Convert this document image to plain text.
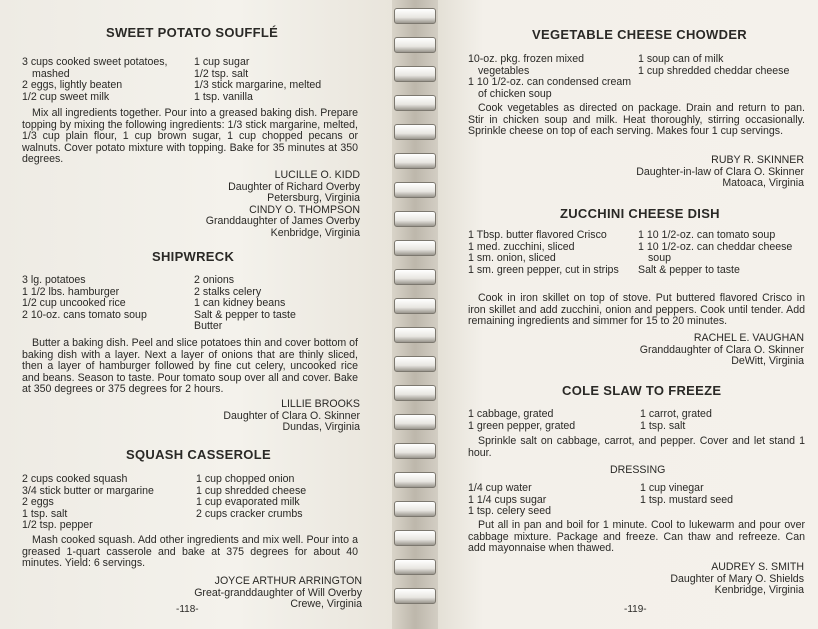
SWEET POTATO SOUFFLÉ
3 cups cooked sweet potatoes, mashed
2 eggs, lightly beaten
1/2 cup sweet milk
1 cup sugar
1/2 tsp. salt
1/3 stick margarine, melted
1 tsp. vanilla
Mix all ingredients together. Pour into a greased baking dish. Prepare topping by mixing the following ingredients: 1/3 stick margarine, melted, 1/3 cup plain flour, 1 cup brown sugar, 1 cup chopped pecans or walnuts. Cover potato mixture with topping. Bake for 35 minutes at 350 degrees.
LUCILLE O. KIDD
Daughter of Richard Overby
Petersburg, Virginia
CINDY O. THOMPSON
Granddaughter of James Overby
Kenbridge, Virginia
SHIPWRECK
3 lg. potatoes
1 1/2 lbs. hamburger
1/2 cup uncooked rice
2 10-oz. cans tomato soup
2 onions
2 stalks celery
1 can kidney beans
Salt & pepper to taste
Butter
Butter a baking dish. Peel and slice potatoes thin and cover bottom of baking dish with a layer. Next a layer of onions that are thinly sliced, then a layer of hamburger followed by fine cut celery, uncooked rice and beans. Season to taste. Pour tomato soup over all and cover. Bake at 350 degrees or 375 degrees for 2 hours.
LILLIE BROOKS
Daughter of Clara O. Skinner
Dundas, Virginia
SQUASH CASSEROLE
2 cups cooked squash
3/4 stick butter or margarine
2 eggs
1 tsp. salt
1/2 tsp. pepper
1 cup chopped onion
1 cup shredded cheese
1 cup evaporated milk
2 cups cracker crumbs
Mash cooked squash. Add other ingredients and mix well. Pour into a greased 1-quart casserole and bake at 375 degrees for about 40 minutes. Yield: 6 servings.
JOYCE ARTHUR ARRINGTON
Great-granddaughter of Will Overby
Crewe, Virginia
-118-
VEGETABLE CHEESE CHOWDER
10-oz. pkg. frozen mixed vegetables
1 10 1/2-oz. can condensed cream of chicken soup
1 soup can of milk
1 cup shredded cheddar cheese
Cook vegetables as directed on package. Drain and return to pan. Stir in chicken soup and milk. Heat thoroughly, stirring occasionally. Sprinkle cheese on top of each serving. Makes four 1 cup servings.
RUBY R. SKINNER
Daughter-in-law of Clara O. Skinner
Matoaca, Virginia
ZUCCHINI CHEESE DISH
1 Tbsp. butter flavored Crisco
1 med. zucchini, sliced
1 sm. onion, sliced
1 sm. green pepper, cut in strips
1 10 1/2-oz. can tomato soup
1 10 1/2-oz. can cheddar cheese soup
Salt & pepper to taste
Cook in iron skillet on top of stove. Put buttered flavored Crisco in iron skillet and add zucchini, onion and peppers. Cook until tender. Add remaining ingredients and simmer for 15 to 20 minutes.
RACHEL E. VAUGHAN
Granddaughter of Clara O. Skinner
DeWitt, Virginia
COLE SLAW TO FREEZE
1 cabbage, grated
1 green pepper, grated
1 carrot, grated
1 tsp. salt
Sprinkle salt on cabbage, carrot, and pepper. Cover and let stand 1 hour.
DRESSING
1/4 cup water
1 1/4 cups sugar
1 tsp. celery seed
1 cup vinegar
1 tsp. mustard seed
Put all in pan and boil for 1 minute. Cool to lukewarm and pour over cabbage mixture. Package and freeze. Can thaw and refreeze. Can add mayonnaise when thawed.
AUDREY S. SMITH
Daughter of Mary O. Shields
Kenbridge, Virginia
-119-
